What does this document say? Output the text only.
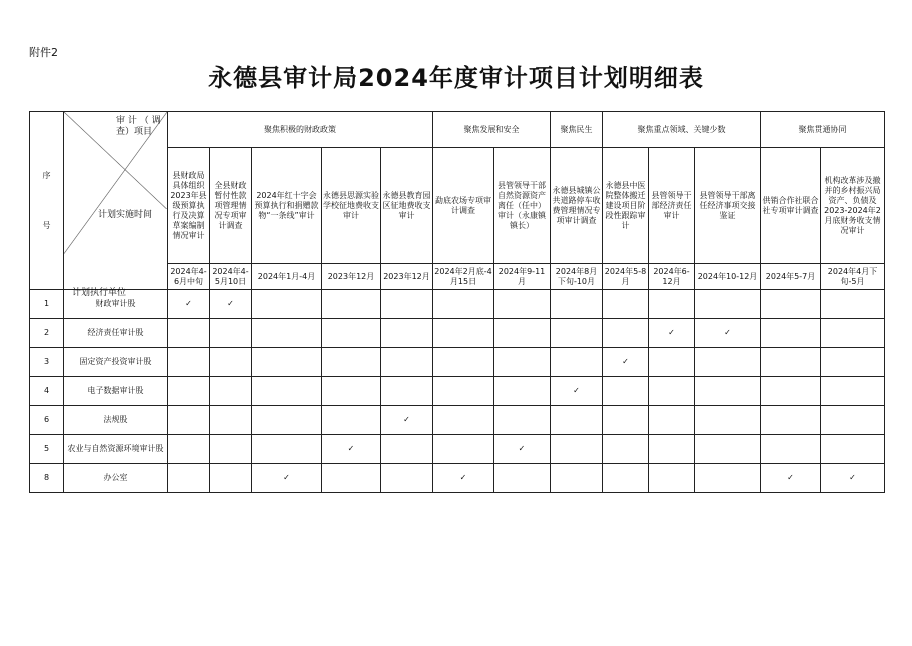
附件2
永德县审计局2024年度审计项目计划明细表
序

号	审 计 （ 调 查）项目
计划实施时间
计划执行单位	聚焦积极的财政政策					聚焦发展和安全		聚焦民生	聚焦重点领域、关键少数			聚焦贯通协同	
		县财政局具体组织2023年县级预算执行及决算草案编制情况审计	全县财政暂付性款项管理情况专项审计调查	2024年红十字会预算执行和捐赠款物“一条线”审计	永德县思源实验学校征地费收支审计	永德县教育园区征地费收支审计	勐底农场专项审计调查	县管领导干部自然资源资产离任（任中）审计（永康镇镇长）	永德县城镇公共道路停车收费管理情况专项审计调查	永德县中医院整体搬迁建设项目阶段性跟踪审计	县管领导干部经济责任审计	县管领导干部离任经济事项交接鉴证	供销合作社联合社专项审计调查	机构改革涉及撤并的乡村振兴局资产、负债及2023-2024年2月底财务收支情况审计
		2024年4-6月中旬	2024年4-5月10日	2024年1月-4月	2023年12月	2023年12月	2024年2月底-4月15日	2024年9-11月	2024年8月下旬-10月	2024年5-8月	2024年6-12月	2024年10-12月	2024年5-7月	2024年4月下旬-5月

1	财政审计股	✓	✓											
2	经济责任审计股										✓	✓		
3	固定资产投资审计股									✓				
4	电子数据审计股								✓					
6	法规股					✓								
5	农业与自然资源环境审计股				✓			✓						
8	办公室			✓			✓						✓	✓
